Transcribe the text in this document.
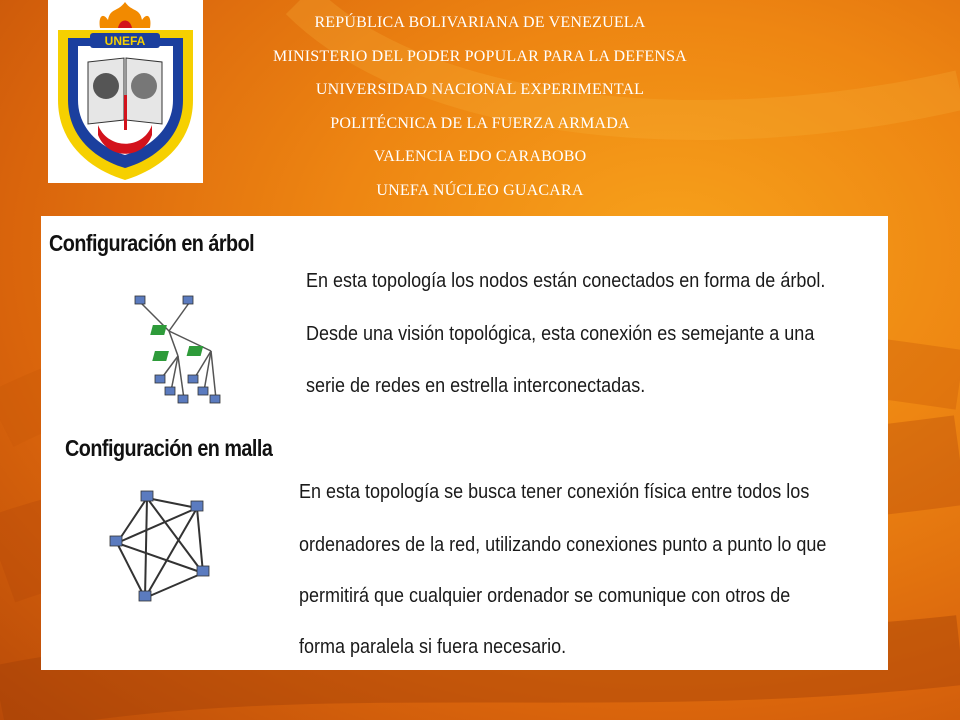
UNEFA
REPÚBLICA BOLIVARIANA DE VENEZUELA
MINISTERIO DEL PODER POPULAR PARA LA DEFENSA
UNIVERSIDAD NACIONAL EXPERIMENTAL
POLITÉCNICA DE LA FUERZA ARMADA
VALENCIA EDO CARABOBO
UNEFA NÚCLEO GUACARA
Configuración en árbol
En esta topología los nodos están conectados en forma de árbol.
Desde una visión topológica, esta conexión es semejante a una
serie de redes en estrella interconectadas.
Configuración en malla
En esta topología se busca tener conexión física entre todos los
ordenadores de la red, utilizando conexiones punto a punto lo que
permitirá que cualquier ordenador se comunique con otros de
forma paralela si fuera necesario.
